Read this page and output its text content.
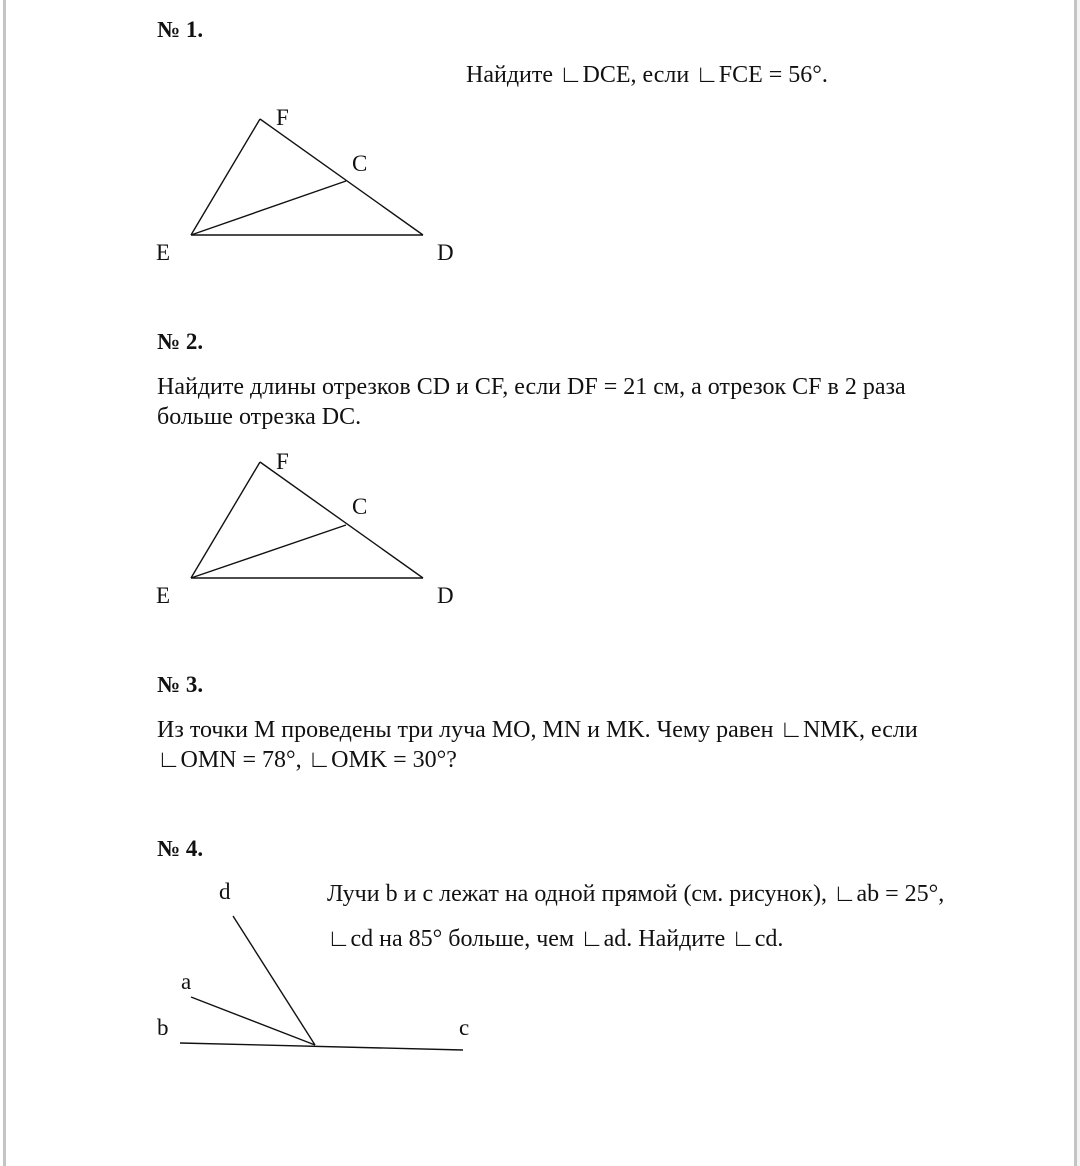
№ 1.
Найдите ∟DCE, если ∟FCE = 56°.
F
C
E	D
№ 2.
Найдите длины отрезков CD и CF, если DF = 21 см, а отрезок CF в 2 раза
больше отрезка DC.
F
C
E	D
№ 3.
Из точки M проведены три луча MO, MN и MK. Чему равен ∟NMK, если
∟OMN = 78°, ∟OMK = 30°?
№ 4.
Лучи b и c лежат на одной прямой (см. рисунок), ∟ab = 25°,
∟cd на 85° больше, чем ∟ad. Найдите ∟cd.
d
a
b	c
